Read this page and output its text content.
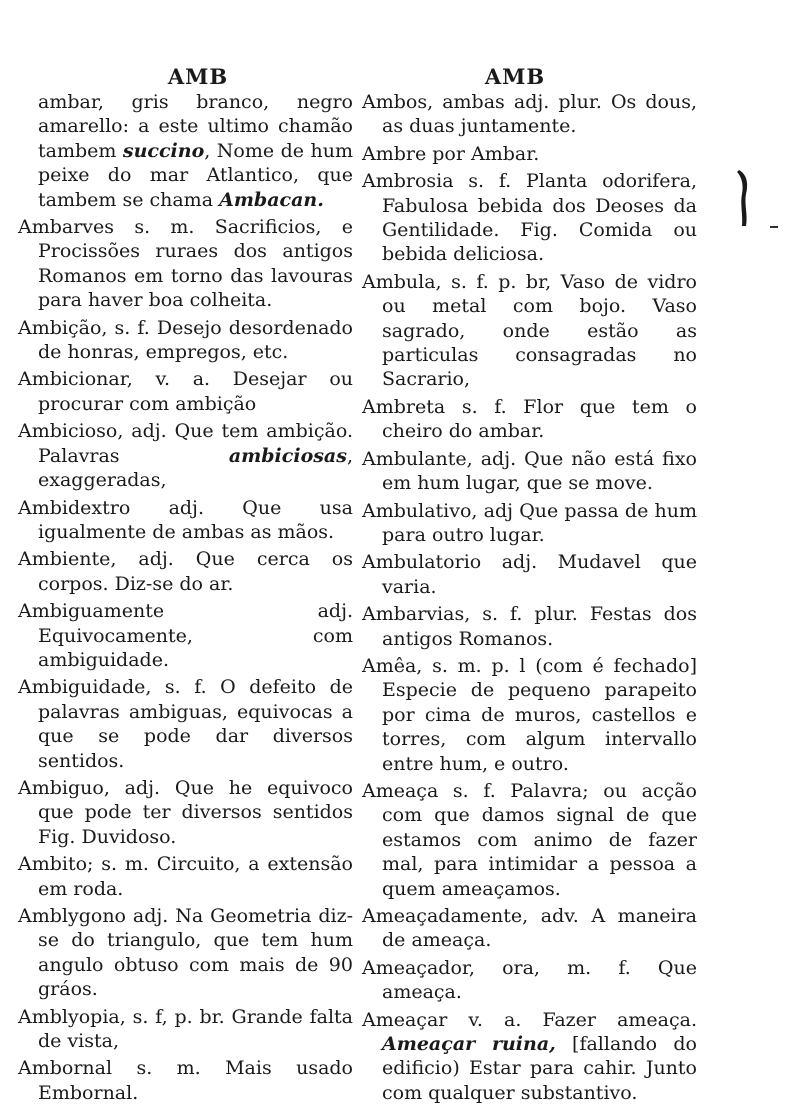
AMB	AMB

ambar, gris branco, negro amarello: a este ultimo chamão tambem succino, Nome de hum peixe do mar Atlantico, que tambem se chama Ambacan.

Ambarves s. m. Sacrificios, e Procissões ruraes dos antigos Romanos em torno das lavouras para haver boa colheita.

Ambição, s. f. Desejo desordenado de honras, empregos, etc.

Ambicionar, v. a. Desejar ou procurar com ambição

Ambicioso, adj. Que tem ambição. Palavras ambiciosas, exaggeradas,

Ambidextro adj. Que usa igualmente de ambas as mãos.

Ambiente, adj. Que cerca os corpos. Diz-se do ar.

Ambiguamente adj. Equivocamente, com ambiguidade.

Ambiguidade, s. f. O defeito de palavras ambiguas, equivocas a que se pode dar diversos sentidos.

Ambiguo, adj. Que he equivoco que pode ter diversos sentidos Fig. Duvidoso.

Ambito; s. m. Circuito, a extensão em roda.

Amblygono adj. Na Geometria diz-se do triangulo, que tem hum angulo obtuso com mais de 90 gráos.

Amblyopia, s. f, p. br. Grande falta de vista,

Ambornal s. m. Mais usado Embornal.

Ambos, ambas adj. plur. Os dous, as duas juntamente.

Ambre por Ambar.

Ambrosia s. f. Planta odorifera, Fabulosa bebida dos Deoses da Gentilidade. Fig. Comida ou bebida deliciosa.

Ambula, s. f. p. br, Vaso de vidro ou metal com bojo. Vaso sagrado, onde estão as particulas consagradas no Sacrario,

Ambreta s. f. Flor que tem o cheiro do ambar.

Ambulante, adj. Que não está fixo em hum lugar, que se move.

Ambulativo, adj Que passa de hum para outro lugar.

Ambulatorio adj. Mudavel que varia.

Ambarvias, s. f. plur. Festas dos antigos Romanos.

Amêa, s. m. p. l (com é fechado] Especie de pequeno parapeito por cima de muros, castellos e torres, com algum intervallo entre hum, e outro.

Ameaça s. f. Palavra; ou acção com que damos signal de que estamos com animo de fazer mal, para intimidar a pessoa a quem ameaçamos.

Ameaçadamente, adv. A maneira de ameaça.

Ameaçador, ora, m. f. Que ameaça.

Ameaçar v. a. Fazer ameaça. Ameaçar ruina, [fallando do edificio) Estar para cahir. Junto com qualquer substantivo.
